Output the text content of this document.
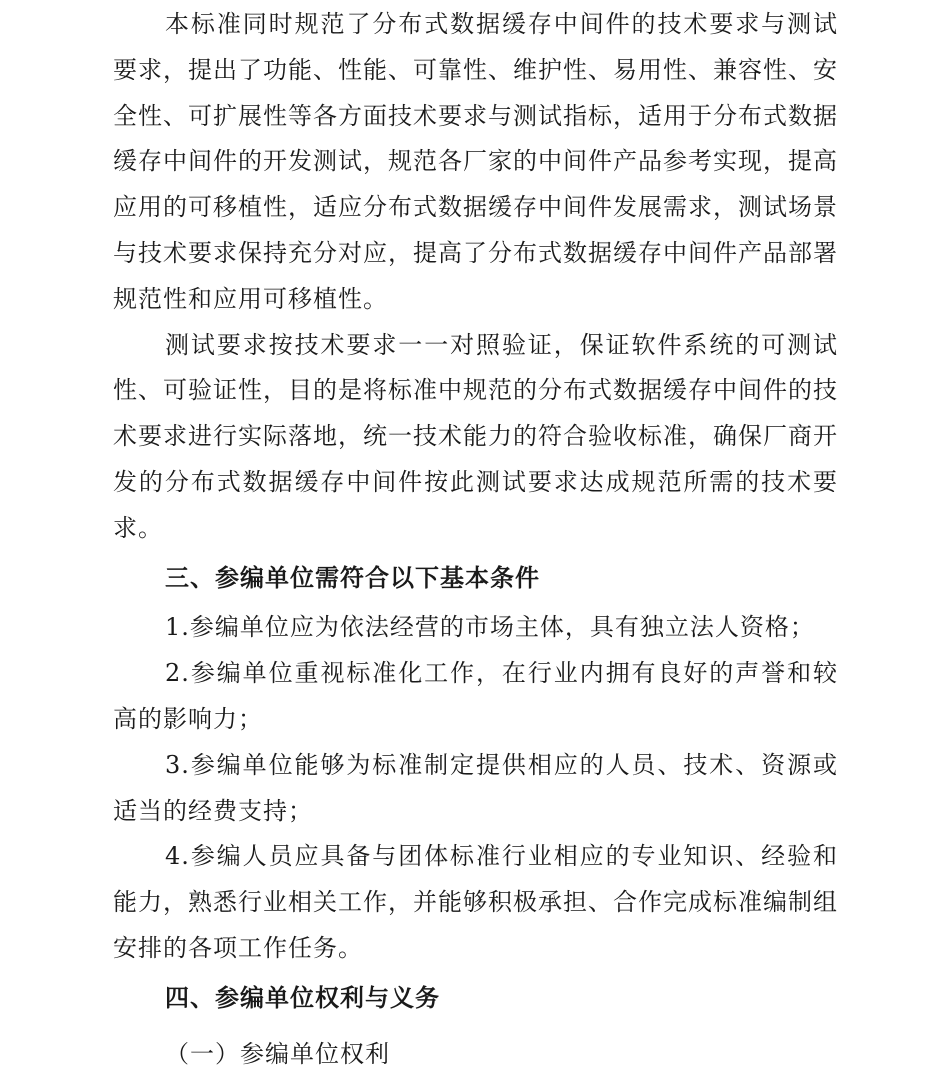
本标准同时规范了分布式数据缓存中间件的技术要求与测试要求，提出了功能、性能、可靠性、维护性、易用性、兼容性、安全性、可扩展性等各方面技术要求与测试指标，适用于分布式数据缓存中间件的开发测试，规范各厂家的中间件产品参考实现，提高应用的可移植性，适应分布式数据缓存中间件发展需求，测试场景与技术要求保持充分对应，提高了分布式数据缓存中间件产品部署规范性和应用可移植性。

测试要求按技术要求一一对照验证，保证软件系统的可测试性、可验证性，目的是将标准中规范的分布式数据缓存中间件的技术要求进行实际落地，统一技术能力的符合验收标准，确保厂商开发的分布式数据缓存中间件按此测试要求达成规范所需的技术要求。

三、参编单位需符合以下基本条件

1.参编单位应为依法经营的市场主体，具有独立法人资格；

2.参编单位重视标准化工作，在行业内拥有良好的声誉和较高的影响力；

3.参编单位能够为标准制定提供相应的人员、技术、资源或适当的经费支持；

4.参编人员应具备与团体标准行业相应的专业知识、经验和能力，熟悉行业相关工作，并能够积极承担、合作完成标准编制组安排的各项工作任务。

四、参编单位权利与义务

（一）参编单位权利
